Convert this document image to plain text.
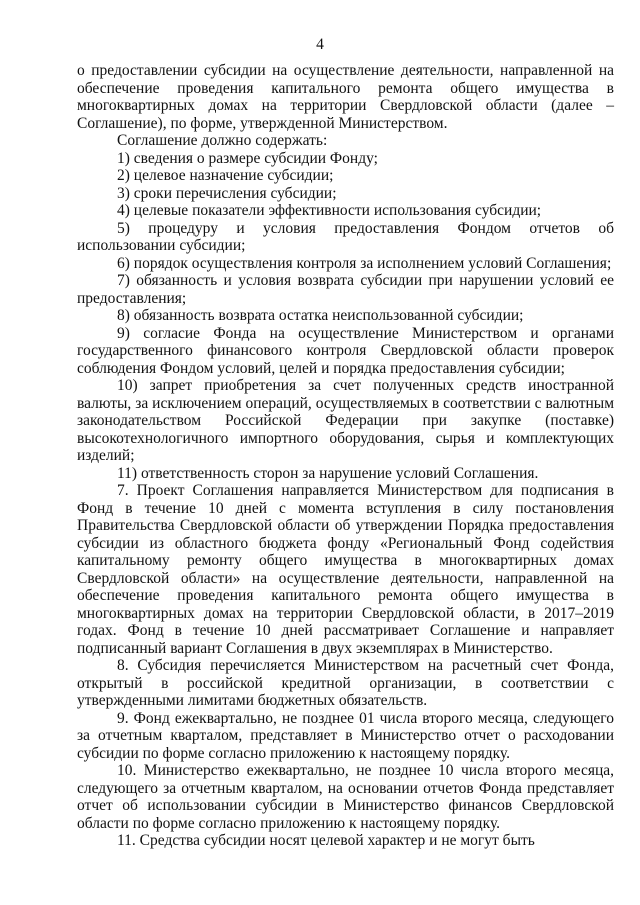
4

о предоставлении субсидии на осуществление деятельности, направленной на обеспечение проведения капитального ремонта общего имущества в многоквартирных домах на территории Свердловской области (далее – Соглашение), по форме, утвержденной Министерством.

Соглашение должно содержать:

1) сведения о размере субсидии Фонду;

2) целевое назначение субсидии;

3) сроки перечисления субсидии;

4) целевые показатели эффективности использования субсидии;

5) процедуру и условия предоставления Фондом отчетов об использовании субсидии;

6) порядок осуществления контроля за исполнением условий Соглашения;

7) обязанность и условия возврата субсидии при нарушении условий ее предоставления;

8) обязанность возврата остатка неиспользованной субсидии;

9) согласие Фонда на осуществление Министерством и органами государственного финансового контроля Свердловской области проверок соблюдения Фондом условий, целей и порядка предоставления субсидии;

10) запрет приобретения за счет полученных средств иностранной валюты, за исключением операций, осуществляемых в соответствии с валютным законодательством Российской Федерации при закупке (поставке) высокотехнологичного импортного оборудования, сырья и комплектующих изделий;

11) ответственность сторон за нарушение условий Соглашения.

7. Проект Соглашения направляется Министерством для подписания в Фонд в течение 10 дней с момента вступления в силу постановления Правительства Свердловской области об утверждении Порядка предоставления субсидии из областного бюджета фонду «Региональный Фонд содействия капитальному ремонту общего имущества в многоквартирных домах Свердловской области» на осуществление деятельности, направленной на обеспечение проведения капитального ремонта общего имущества в многоквартирных домах на территории Свердловской области, в 2017–2019 годах. Фонд в течение 10 дней рассматривает Соглашение и направляет подписанный вариант Соглашения в двух экземплярах в Министерство.

8. Субсидия перечисляется Министерством на расчетный счет Фонда, открытый в российской кредитной организации, в соответствии с утвержденными лимитами бюджетных обязательств.

9. Фонд ежеквартально, не позднее 01 числа второго месяца, следующего за отчетным кварталом, представляет в Министерство отчет о расходовании субсидии по форме согласно приложению к настоящему порядку.

10. Министерство ежеквартально, не позднее 10 числа второго месяца, следующего за отчетным кварталом, на основании отчетов Фонда представляет отчет об использовании субсидии в Министерство финансов Свердловской области по форме согласно приложению к настоящему порядку.

11. Средства субсидии носят целевой характер и не могут быть
